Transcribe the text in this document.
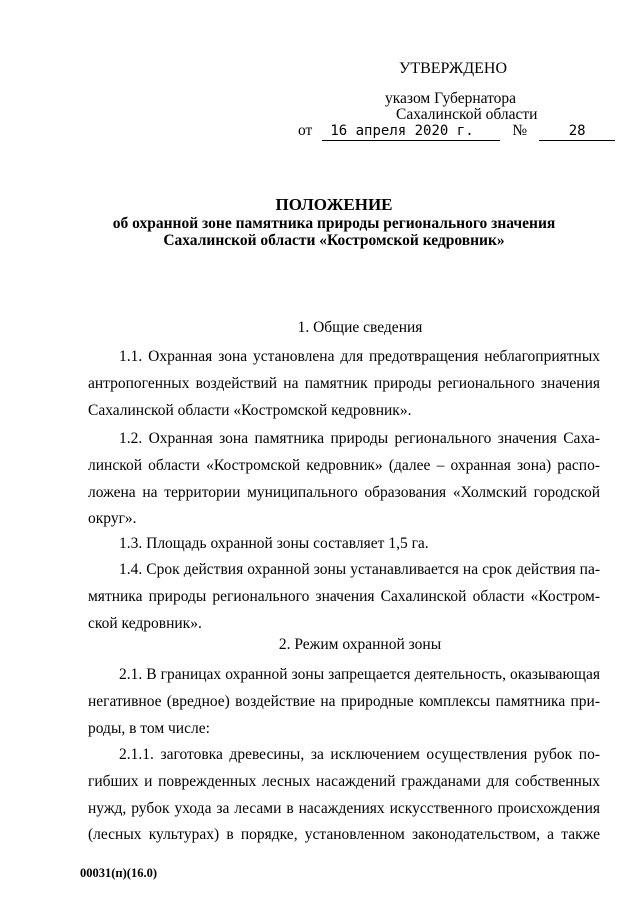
УТВЕРЖДЕНО
указом Губернатора
Сахалинской области
от 16 апреля 2020 г. №	28
ПОЛОЖЕНИЕ
об охранной зоне памятника природы регионального значения
Сахалинской области «Костромской кедровник»
1. Общие сведения
1.1. Охранная зона установлена для предотвращения неблагоприятных
антропогенных воздействий на памятник природы регионального значения
Сахалинской области «Костромской кедровник».
1.2. Охранная зона памятника природы регионального значения Саха-
линской области «Костромской кедровник» (далее – охранная зона) распо-
ложена на территории муниципального образования «Холмский городской
округ».
1.3. Площадь охранной зоны составляет 1,5 га.
1.4. Срок действия охранной зоны устанавливается на срок действия па-
мятника природы регионального значения Сахалинской области «Костром-
ской кедровник».
2. Режим охранной зоны
2.1. В границах охранной зоны запрещается деятельность, оказывающая
негативное (вредное) воздействие на природные комплексы памятника при-
роды, в том числе:
2.1.1. заготовка древесины, за исключением осуществления рубок по-
гибших и поврежденных лесных насаждений гражданами для собственных
нужд, рубок ухода за лесами в насаждениях искусственного происхождения
(лесных культурах) в порядке, установленном законодательством, а также
00031(п)(16.0)
